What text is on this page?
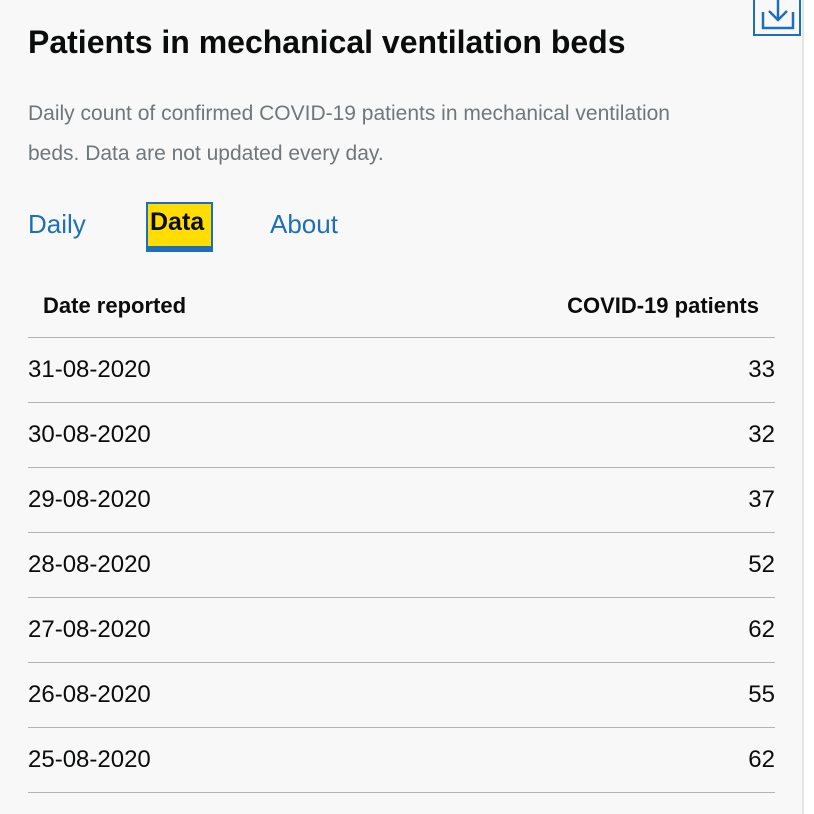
Patients in mechanical ventilation beds

Daily count of confirmed COVID-19 patients in mechanical ventilation beds. Data are not updated every day.

Daily	Data	About
Date reported	COVID-19 patients
31-08-2020	33
30-08-2020	32
29-08-2020	37
28-08-2020	52
27-08-2020	62
26-08-2020	55
25-08-2020	62
